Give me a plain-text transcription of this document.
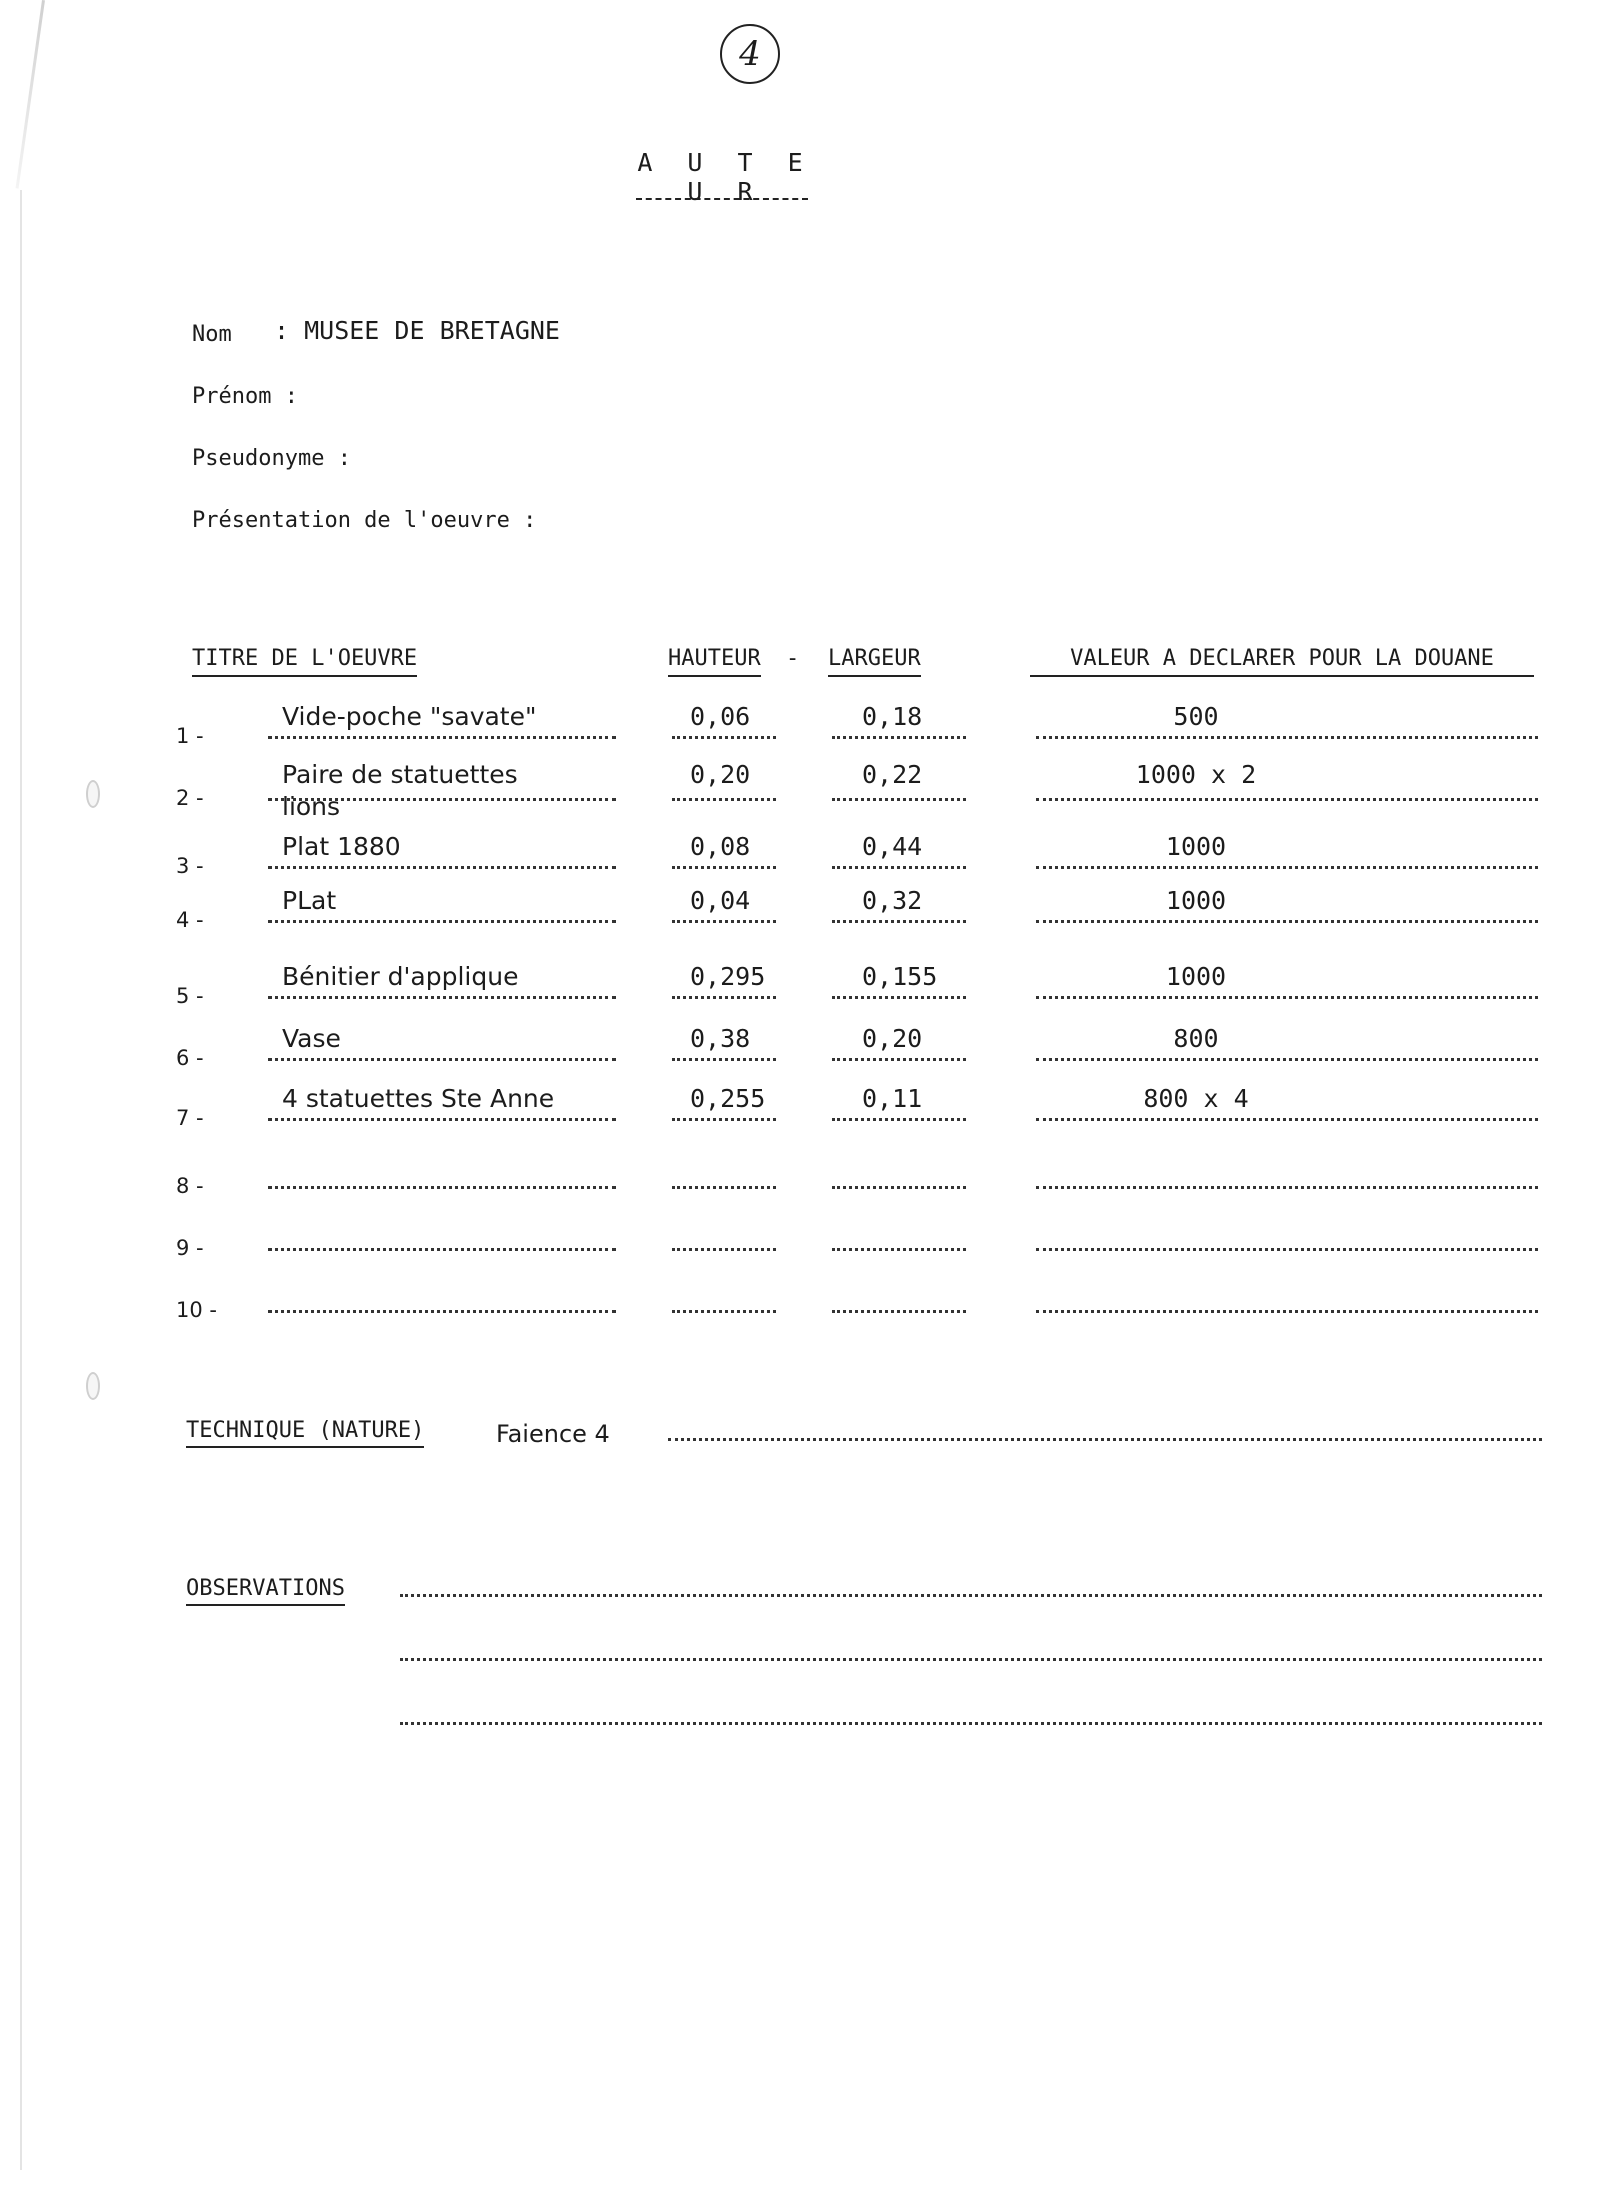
4
A U T E U R
Nom : MUSEE DE BRETAGNE
Prénom :
Pseudonyme :
Présentation de l'oeuvre :
TITRE DE L'OEUVRE	HAUTEUR - LARGEUR	VALEUR A DECLARER POUR LA DOUANE
1 -
Vide-poche "savate"	0,06	0,18	500
2 -
Paire de statuettes
lions
0,20	0,22	1000 x 2
3 -
Plat 1880	0,08	0,44	1000
4 -
PLat	0,04	0,32	1000
5 -
Bénitier d'applique	0,295	0,155	1000
6 -
Vase	0,38	0,20	800
7 -
4 statuettes Ste Anne	0,255	0,11	800 x 4
8 -
9 -
10 -
TECHNIQUE (NATURE)	Faience 4
OBSERVATIONS
